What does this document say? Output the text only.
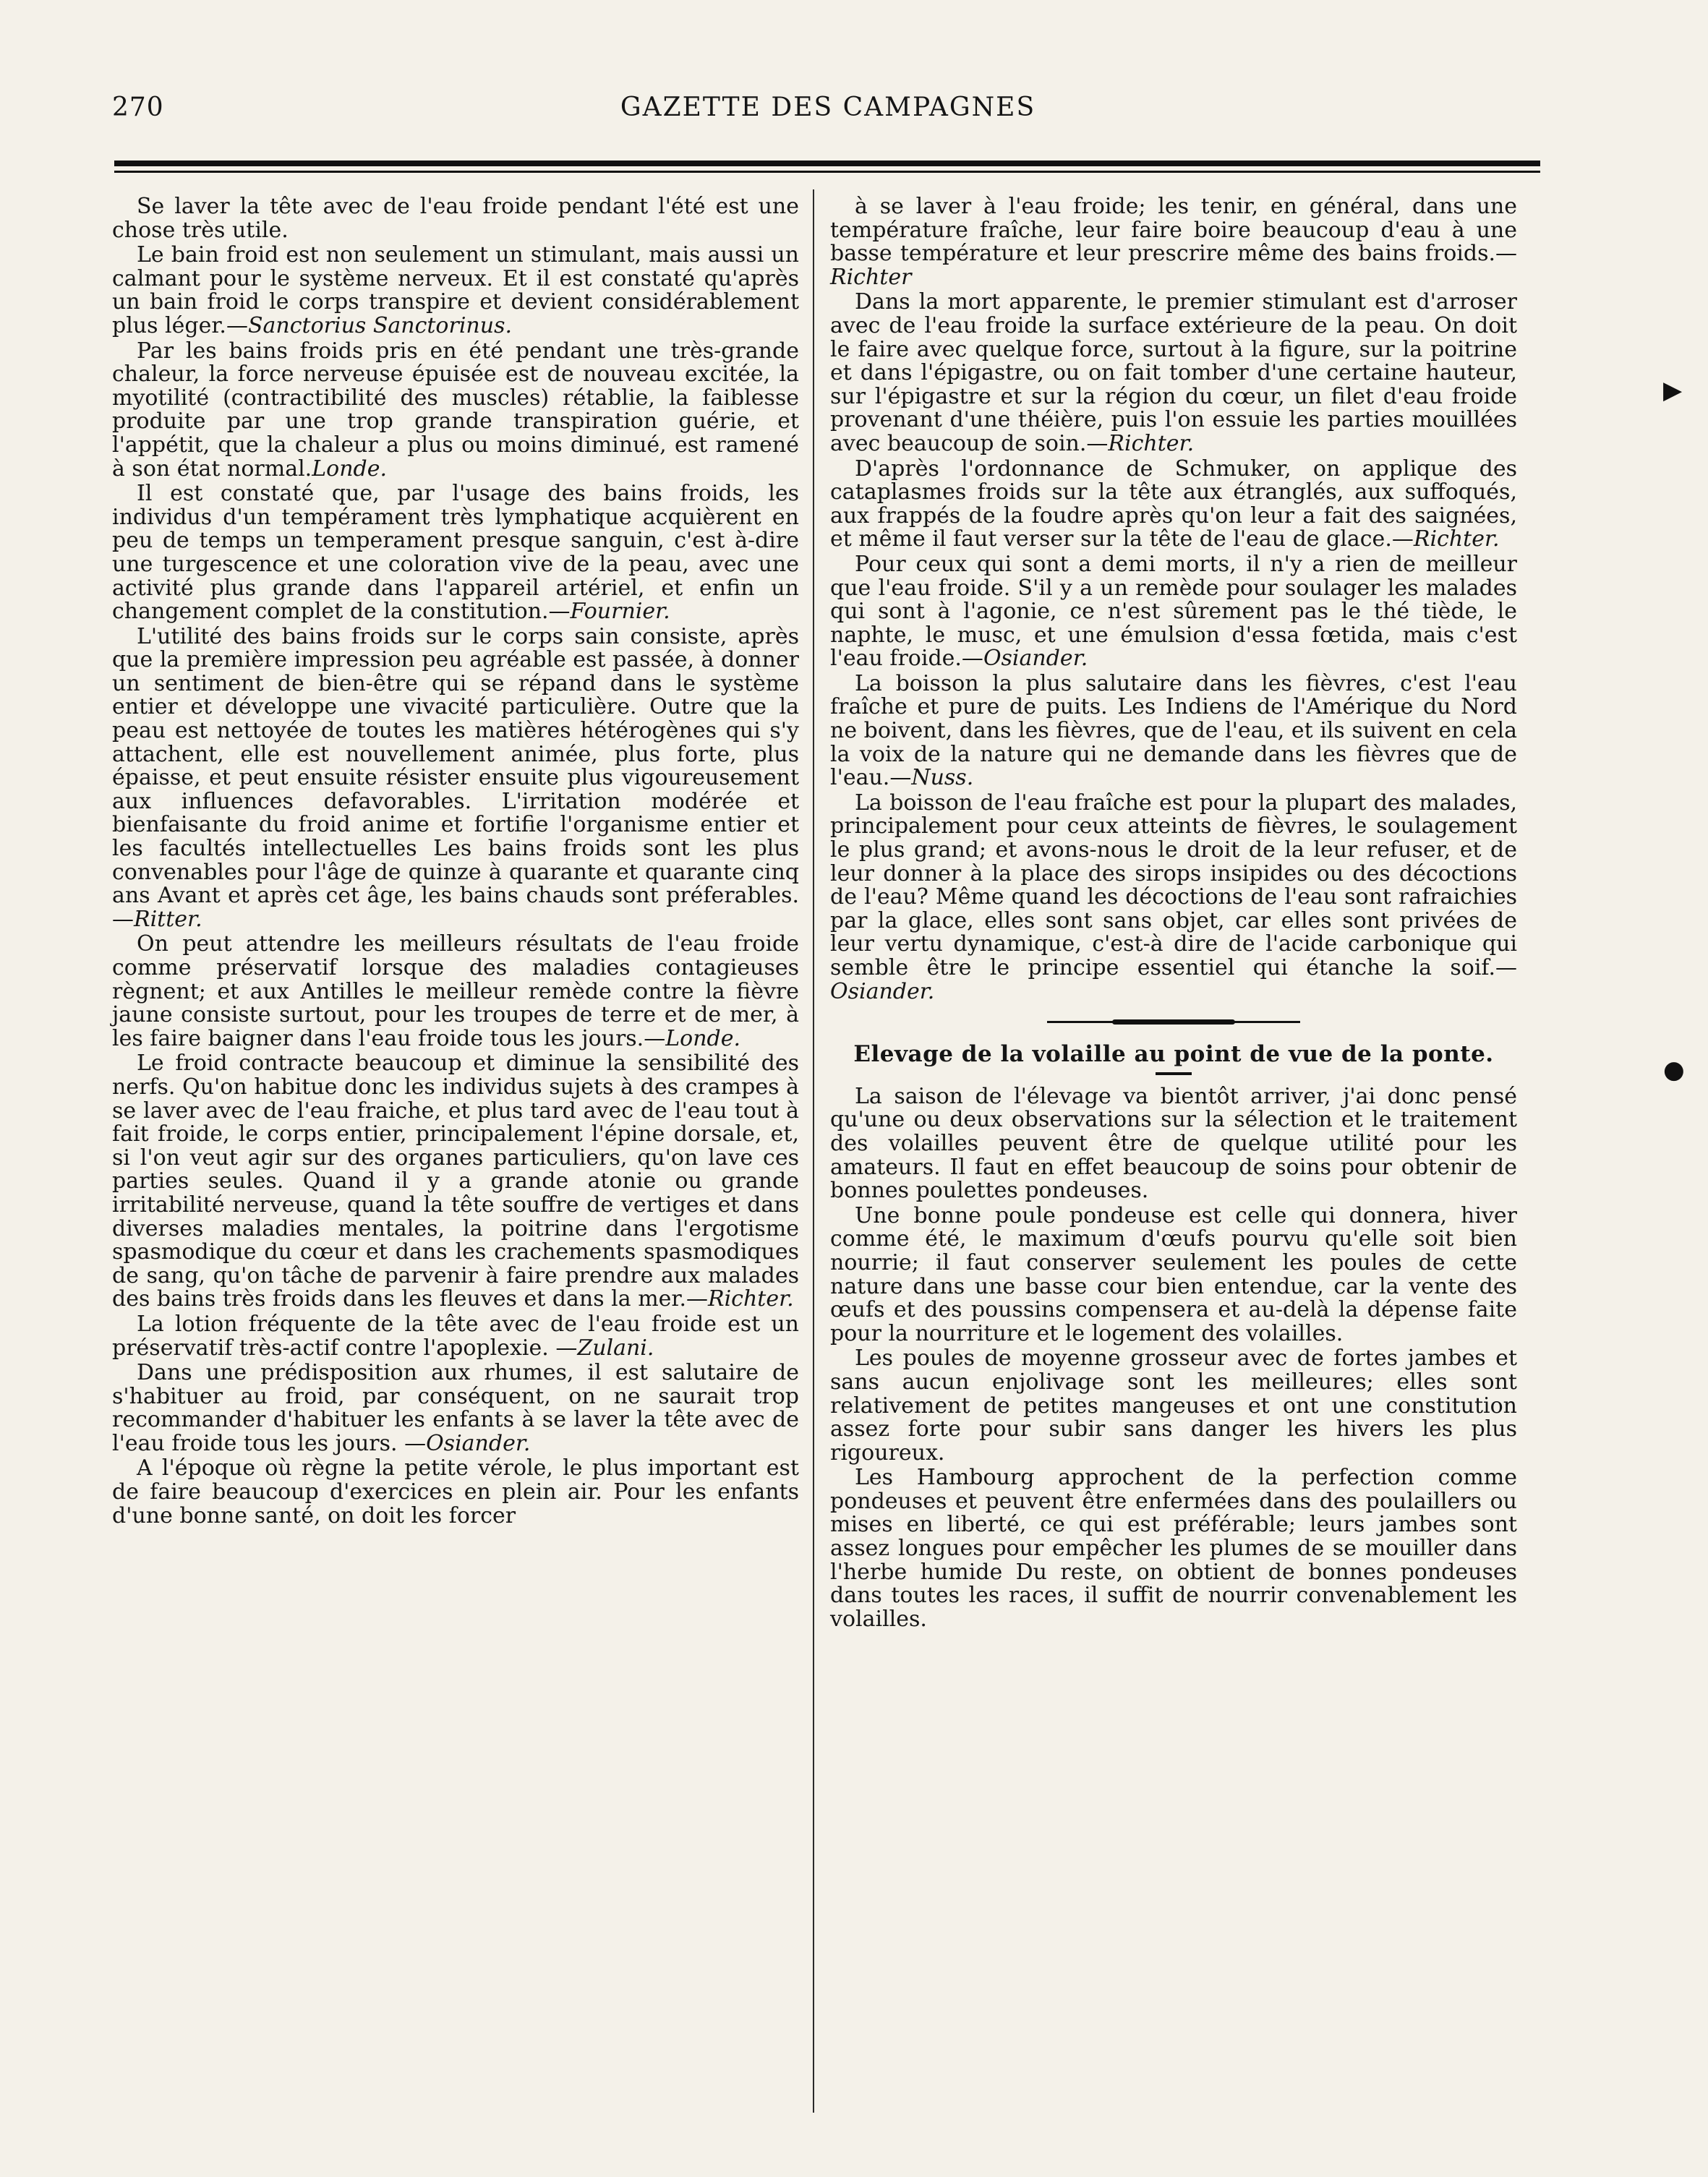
270	GAZETTE DES CAMPAGNES

Se laver la tête avec de l'eau froide pendant l'été est une chose très utile.

Le bain froid est non seulement un stimulant, mais aussi un calmant pour le système nerveux. Et il est constaté qu'après un bain froid le corps transpire et devient considérablement plus léger.—Sanctorius Sanctorinus.

Par les bains froids pris en été pendant une très-grande chaleur, la force nerveuse épuisée est de nouveau excitée, la myotilité (contractibilité des muscles) rétablie, la faiblesse produite par une trop grande transpiration guérie, et l'appétit, que la chaleur a plus ou moins diminué, est ramené à son état normal.Londe.

Il est constaté que, par l'usage des bains froids, les individus d'un tempérament très lymphatique acquièrent en peu de temps un temperament presque sanguin, c'est à-dire une turgescence et une coloration vive de la peau, avec une activité plus grande dans l'appareil artériel, et enfin un changement complet de la constitution.—Fournier.

L'utilité des bains froids sur le corps sain consiste, après que la première impression peu agréable est passée, à donner un sentiment de bien-être qui se répand dans le système entier et développe une vivacité particulière. Outre que la peau est nettoyée de toutes les matières hétérogènes qui s'y attachent, elle est nouvellement animée, plus forte, plus épaisse, et peut ensuite résister ensuite plus vigoureusement aux influences defavorables. L'irritation modérée et bienfaisante du froid anime et fortifie l'organisme entier et les facultés intellectuelles Les bains froids sont les plus convenables pour l'âge de quinze à quarante et quarante cinq ans Avant et après cet âge, les bains chauds sont préferables.—Ritter.

On peut attendre les meilleurs résultats de l'eau froide comme préservatif lorsque des maladies contagieuses règnent; et aux Antilles le meilleur remède contre la fièvre jaune consiste surtout, pour les troupes de terre et de mer, à les faire baigner dans l'eau froide tous les jours.—Londe.

Le froid contracte beaucoup et diminue la sensibilité des nerfs. Qu'on habitue donc les individus sujets à des crampes à se laver avec de l'eau fraiche, et plus tard avec de l'eau tout à fait froide, le corps entier, principalement l'épine dorsale, et, si l'on veut agir sur des organes particuliers, qu'on lave ces parties seules. Quand il y a grande atonie ou grande irritabilité nerveuse, quand la tête souffre de vertiges et dans diverses maladies mentales, la poitrine dans l'ergotisme spasmodique du cœur et dans les crachements spasmodiques de sang, qu'on tâche de parvenir à faire prendre aux malades des bains très froids dans les fleuves et dans la mer.—Richter.

La lotion fréquente de la tête avec de l'eau froide est un préservatif très-actif contre l'apoplexie. —Zulani.

Dans une prédisposition aux rhumes, il est salutaire de s'habituer au froid, par conséquent, on ne saurait trop recommander d'habituer les enfants à se laver la tête avec de l'eau froide tous les jours. —Osiander.

A l'époque où règne la petite vérole, le plus important est de faire beaucoup d'exercices en plein air. Pour les enfants d'une bonne santé, on doit les forcer

à se laver à l'eau froide; les tenir, en général, dans une température fraîche, leur faire boire beaucoup d'eau à une basse température et leur prescrire même des bains froids.—Richter

Dans la mort apparente, le premier stimulant est d'arroser avec de l'eau froide la surface extérieure de la peau. On doit le faire avec quelque force, surtout à la figure, sur la poitrine et dans l'épigastre, ou on fait tomber d'une certaine hauteur, sur l'épigastre et sur la région du cœur, un filet d'eau froide provenant d'une théière, puis l'on essuie les parties mouillées avec beaucoup de soin.—Richter.

D'après l'ordonnance de Schmuker, on applique des cataplasmes froids sur la tête aux étranglés, aux suffoqués, aux frappés de la foudre après qu'on leur a fait des saignées, et même il faut verser sur la tête de l'eau de glace.—Richter.

Pour ceux qui sont a demi morts, il n'y a rien de meilleur que l'eau froide. S'il y a un remède pour soulager les malades qui sont à l'agonie, ce n'est sûrement pas le thé tiède, le naphte, le musc, et une émulsion d'essa fœtida, mais c'est l'eau froide.—Osiander.

La boisson la plus salutaire dans les fièvres, c'est l'eau fraîche et pure de puits. Les Indiens de l'Amérique du Nord ne boivent, dans les fièvres, que de l'eau, et ils suivent en cela la voix de la nature qui ne demande dans les fièvres que de l'eau.—Nuss.

La boisson de l'eau fraîche est pour la plupart des malades, principalement pour ceux atteints de fièvres, le soulagement le plus grand; et avons-nous le droit de la leur refuser, et de leur donner à la place des sirops insipides ou des décoctions de l'eau? Même quand les décoctions de l'eau sont rafraichies par la glace, elles sont sans objet, car elles sont privées de leur vertu dynamique, c'est-à dire de l'acide carbonique qui semble être le principe essentiel qui étanche la soif.—Osiander.

Elevage de la volaille au point de vue de la ponte.

La saison de l'élevage va bientôt arriver, j'ai donc pensé qu'une ou deux observations sur la sélection et le traitement des volailles peuvent être de quelque utilité pour les amateurs. Il faut en effet beaucoup de soins pour obtenir de bonnes poulettes pondeuses.

Une bonne poule pondeuse est celle qui donnera, hiver comme été, le maximum d'œufs pourvu qu'elle soit bien nourrie; il faut conserver seulement les poules de cette nature dans une basse cour bien entendue, car la vente des œufs et des poussins compensera et au-delà la dépense faite pour la nourriture et le logement des volailles.

Les poules de moyenne grosseur avec de fortes jambes et sans aucun enjolivage sont les meilleures; elles sont relativement de petites mangeuses et ont une constitution assez forte pour subir sans danger les hivers les plus rigoureux.

Les Hambourg approchent de la perfection comme pondeuses et peuvent être enfermées dans des poulaillers ou mises en liberté, ce qui est préférable; leurs jambes sont assez longues pour empêcher les plumes de se mouiller dans l'herbe humide Du reste, on obtient de bonnes pondeuses dans toutes les races, il suffit de nourrir convenablement les volailles.

▶
●
